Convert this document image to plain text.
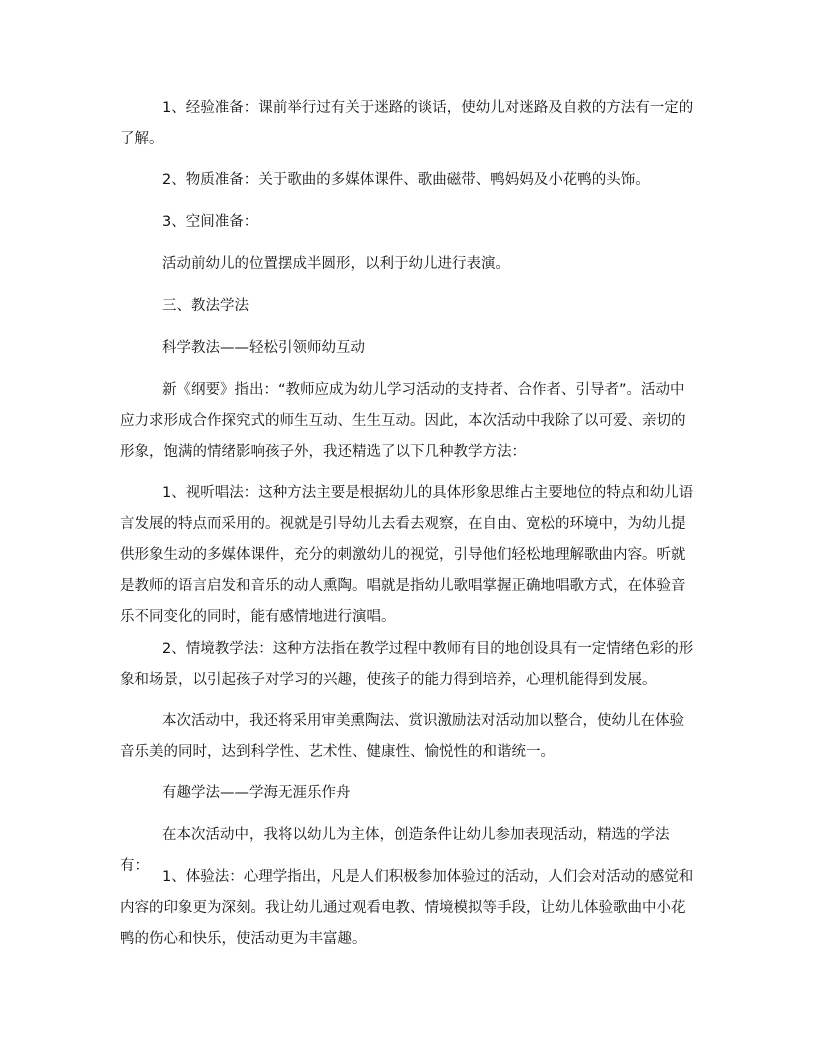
1、经验准备：课前举行过有关于迷路的谈话，使幼儿对迷路及自救的方法有一定的了解。

2、物质准备：关于歌曲的多媒体课件、歌曲磁带、鸭妈妈及小花鸭的头饰。

3、空间准备：

活动前幼儿的位置摆成半圆形，以利于幼儿进行表演。

三、教法学法

科学教法——轻松引领师幼互动

新《纲要》指出：“教师应成为幼儿学习活动的支持者、合作者、引导者”。活动中应力求形成合作探究式的师生互动、生生互动。因此，本次活动中我除了以可爱、亲切的形象，饱满的情绪影响孩子外，我还精选了以下几种教学方法：

1、视听唱法：这种方法主要是根据幼儿的具体形象思维占主要地位的特点和幼儿语言发展的特点而采用的。视就是引导幼儿去看去观察，在自由、宽松的环境中，为幼儿提供形象生动的多媒体课件，充分的刺激幼儿的视觉，引导他们轻松地理解歌曲内容。听就是教师的语言启发和音乐的动人熏陶。唱就是指幼儿歌唱掌握正确地唱歌方式，在体验音乐不同变化的同时，能有感情地进行演唱。

2、情境教学法：这种方法指在教学过程中教师有目的地创设具有一定情绪色彩的形象和场景，以引起孩子对学习的兴趣，使孩子的能力得到培养，心理机能得到发展。

本次活动中，我还将采用审美熏陶法、赏识激励法对活动加以整合，使幼儿在体验音乐美的同时，达到科学性、艺术性、健康性、愉悦性的和谐统一。

有趣学法——学海无涯乐作舟

在本次活动中，我将以幼儿为主体，创造条件让幼儿参加表现活动，精选的学法有：

1、体验法：心理学指出，凡是人们积极参加体验过的活动，人们会对活动的感觉和内容的印象更为深刻。我让幼儿通过观看电教、情境模拟等手段，让幼儿体验歌曲中小花鸭的伤心和快乐，使活动更为丰富趣。
